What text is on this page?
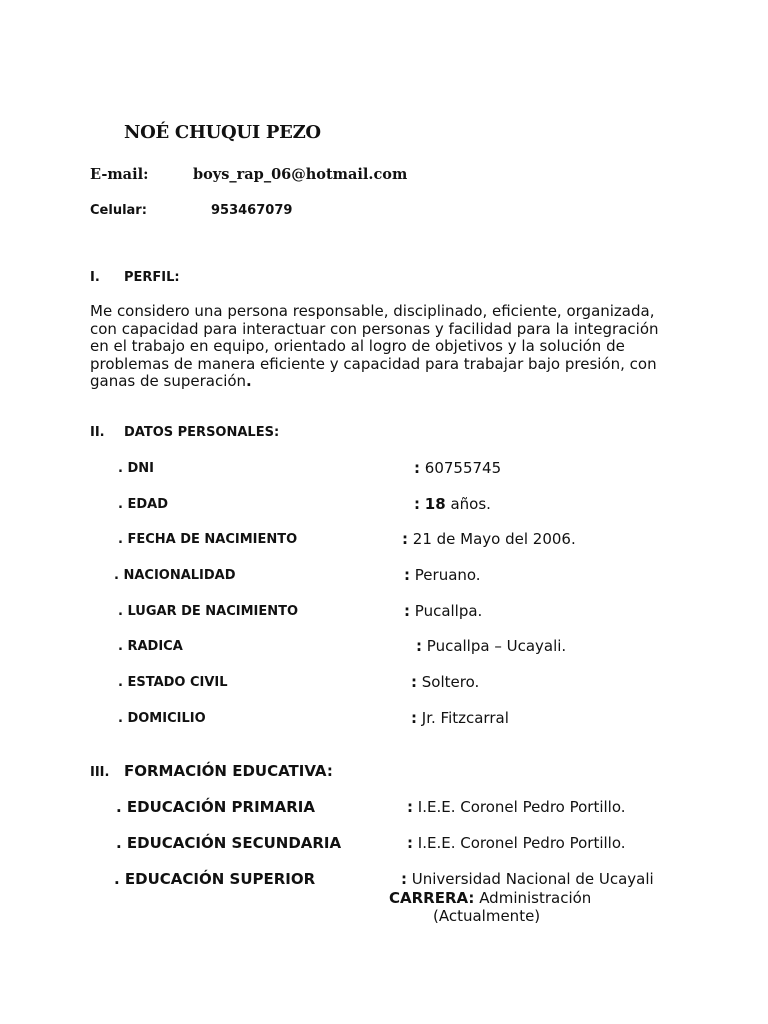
NOÉ CHUQUI PEZO
E-mail:	boys_rap_06@hotmail.com
Celular:	953467079
I. PERFIL:
Me considero una persona responsable, disciplinado, eficiente, organizada,
con capacidad para interactuar con personas y facilidad para la integración
en el trabajo en equipo, orientado al logro de objetivos y la solución de
problemas de manera eficiente y capacidad para trabajar bajo presión, con
ganas de superación.
II. DATOS PERSONALES:
. DNI	: 60755745
. EDAD	: 18 años.
. FECHA DE NACIMIENTO	: 21 de Mayo del 2006.
. NACIONALIDAD	: Peruano.
. LUGAR DE NACIMIENTO	: Pucallpa.
. RADICA	: Pucallpa – Ucayali.
. ESTADO CIVIL	: Soltero.
. DOMICILIO	: Jr. Fitzcarral
III. FORMACIÓN EDUCATIVA:
. EDUCACIÓN PRIMARIA	: I.E.E. Coronel Pedro Portillo.
. EDUCACIÓN SECUNDARIA	: I.E.E. Coronel Pedro Portillo.
. EDUCACIÓN SUPERIOR	: Universidad Nacional de Ucayali
CARRERA: Administración
(Actualmente)
